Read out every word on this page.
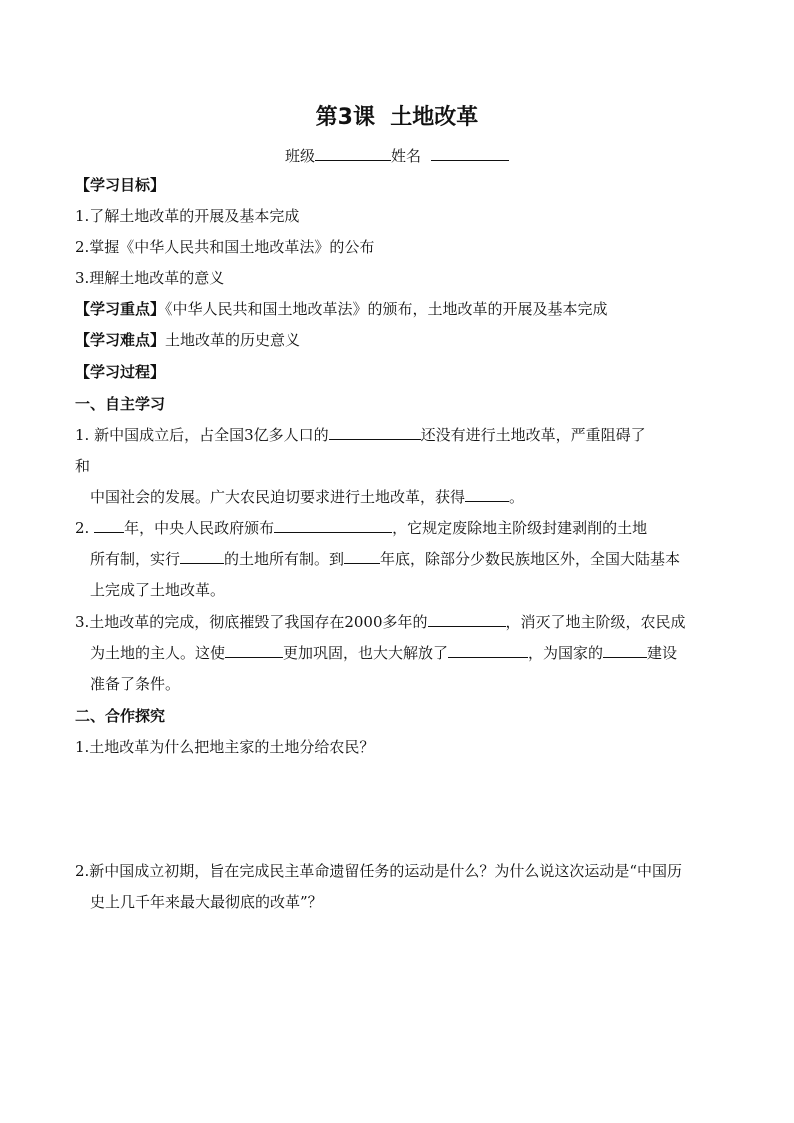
第3课  土地改革
班级	姓名
【学习目标】
1.了解土地改革的开展及基本完成
2.掌握《中华人民共和国土地改革法》的公布
3.理解土地改革的意义
【学习重点】《中华人民共和国土地改革法》的颁布，土地改革的开展及基本完成
【学习难点】土地改革的历史意义
【学习过程】
一、自主学习
1. 新中国成立后，占全国3亿多人口的	还没有进行土地改革，严重阻碍了
和
中国社会的发展。广大农民迫切要求进行土地改革，获得	。
2. 年，中央人民政府颁布	，它规定废除地主阶级封建剥削的土地
所有制，实行	的土地所有制。到 年底，除部分少数民族地区外，全国大陆基本
上完成了土地改革。
3.土地改革的完成，彻底摧毁了我国存在2000多年的	，消灭了地主阶级，农民成
为土地的主人。这使	更加巩固，也大大解放了	，为国家的	建设
准备了条件。
二、合作探究
1.土地改革为什么把地主家的土地分给农民？
2.新中国成立初期，旨在完成民主革命遗留任务的运动是什么？为什么说这次运动是“中国历
史上几千年来最大最彻底的改革”？
